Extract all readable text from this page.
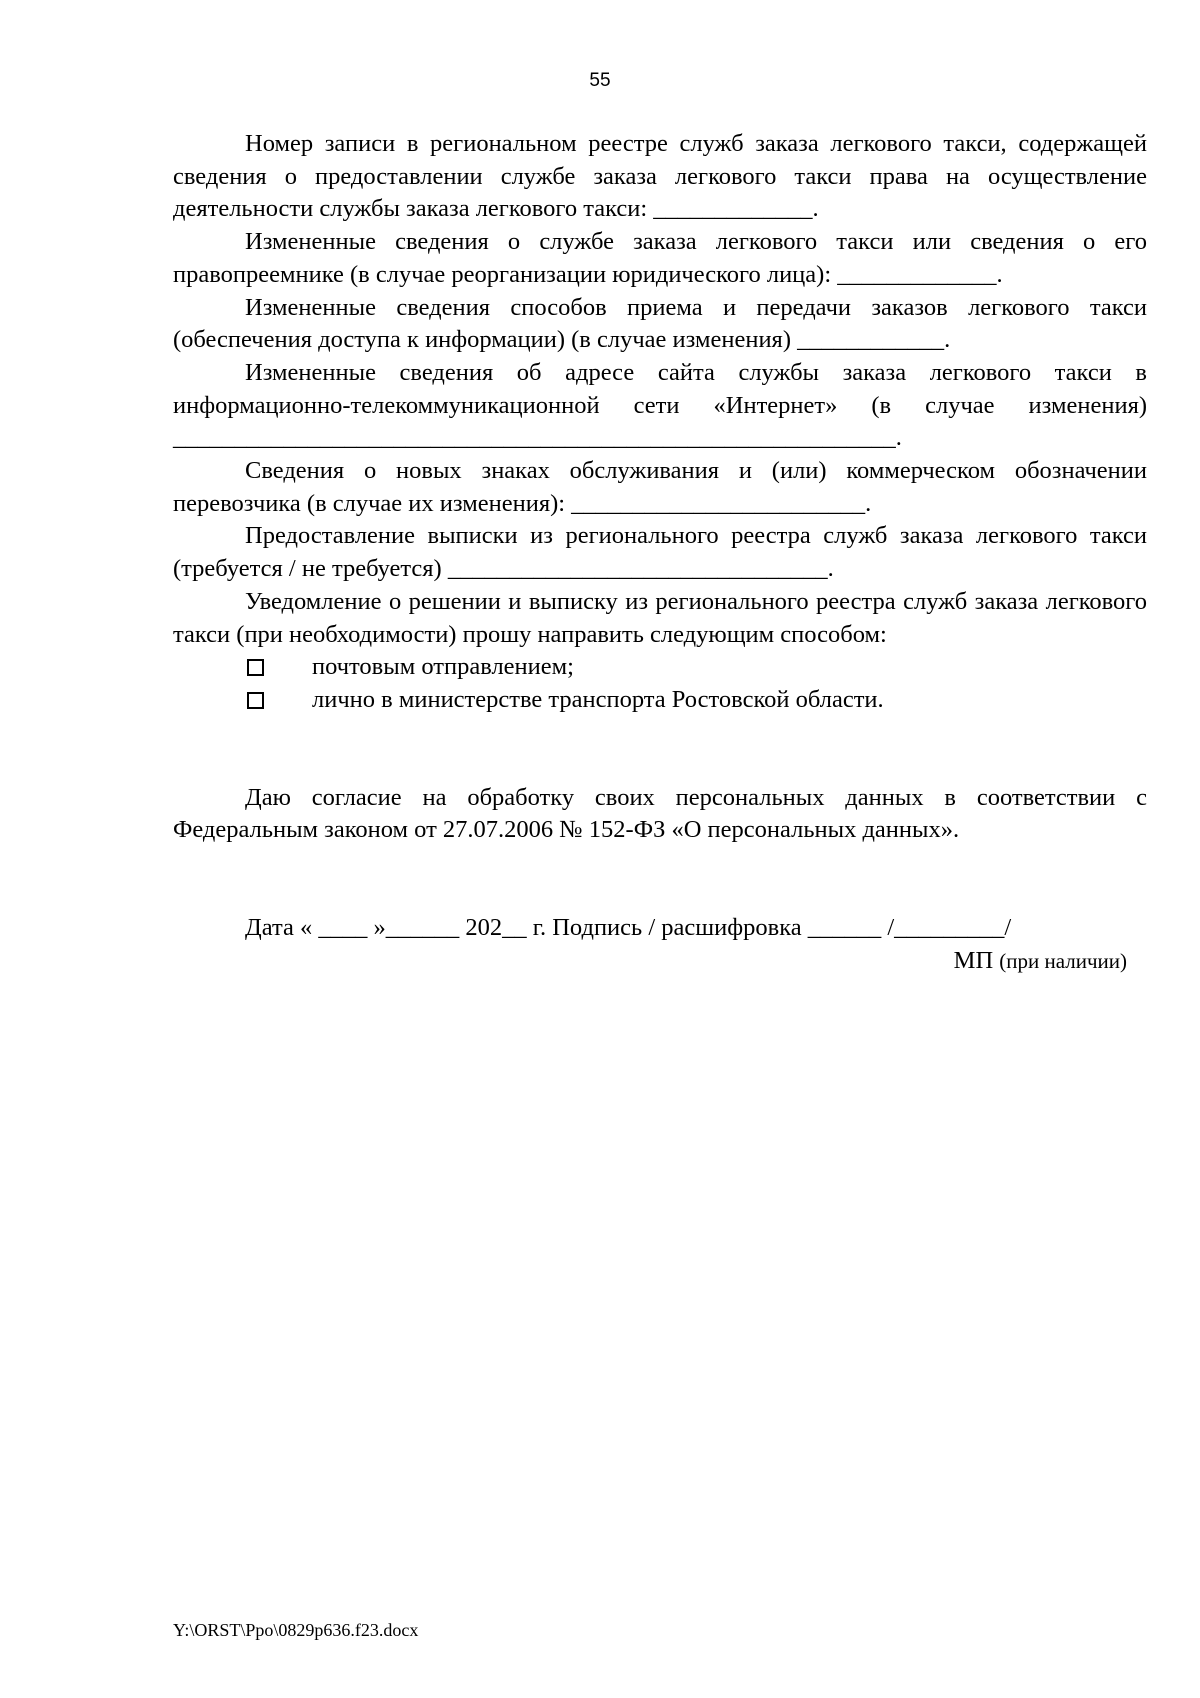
55

Номер записи в региональном реестре служб заказа легкового такси, содержащей сведения о предоставлении службе заказа легкового такси права на осуществление деятельности службы заказа легкового такси: _____________.

Измененные сведения о службе заказа легкового такси или сведения о его правопреемнике (в случае реорганизации юридического лица): _____________.

Измененные сведения способов приема и передачи заказов легкового такси (обеспечения доступа к информации) (в случае изменения) ____________.

Измененные сведения об адресе сайта службы заказа легкового такси в информационно-телекоммуникационной сети «Интернет» (в случае изменения) ___________________________________________________________.

Сведения о новых знаках обслуживания и (или) коммерческом обозначении перевозчика (в случае их изменения): ________________________.

Предоставление выписки из регионального реестра служб заказа легкового такси (требуется / не требуется) _______________________________.

Уведомление о решении и выписку из регионального реестра служб заказа легкового такси (при необходимости) прошу направить следующим способом:

почтовым отправлением;
лично в министерстве транспорта Ростовской области.

Даю согласие на обработку своих персональных данных в соответствии с Федеральным законом от 27.07.2006 № 152-ФЗ «О персональных данных».

Дата « ____ »______ 202__ г. Подпись / расшифровка ______ /_________/
МП (при наличии)
Y:\ORST\Ppo\0829p636.f23.docx
